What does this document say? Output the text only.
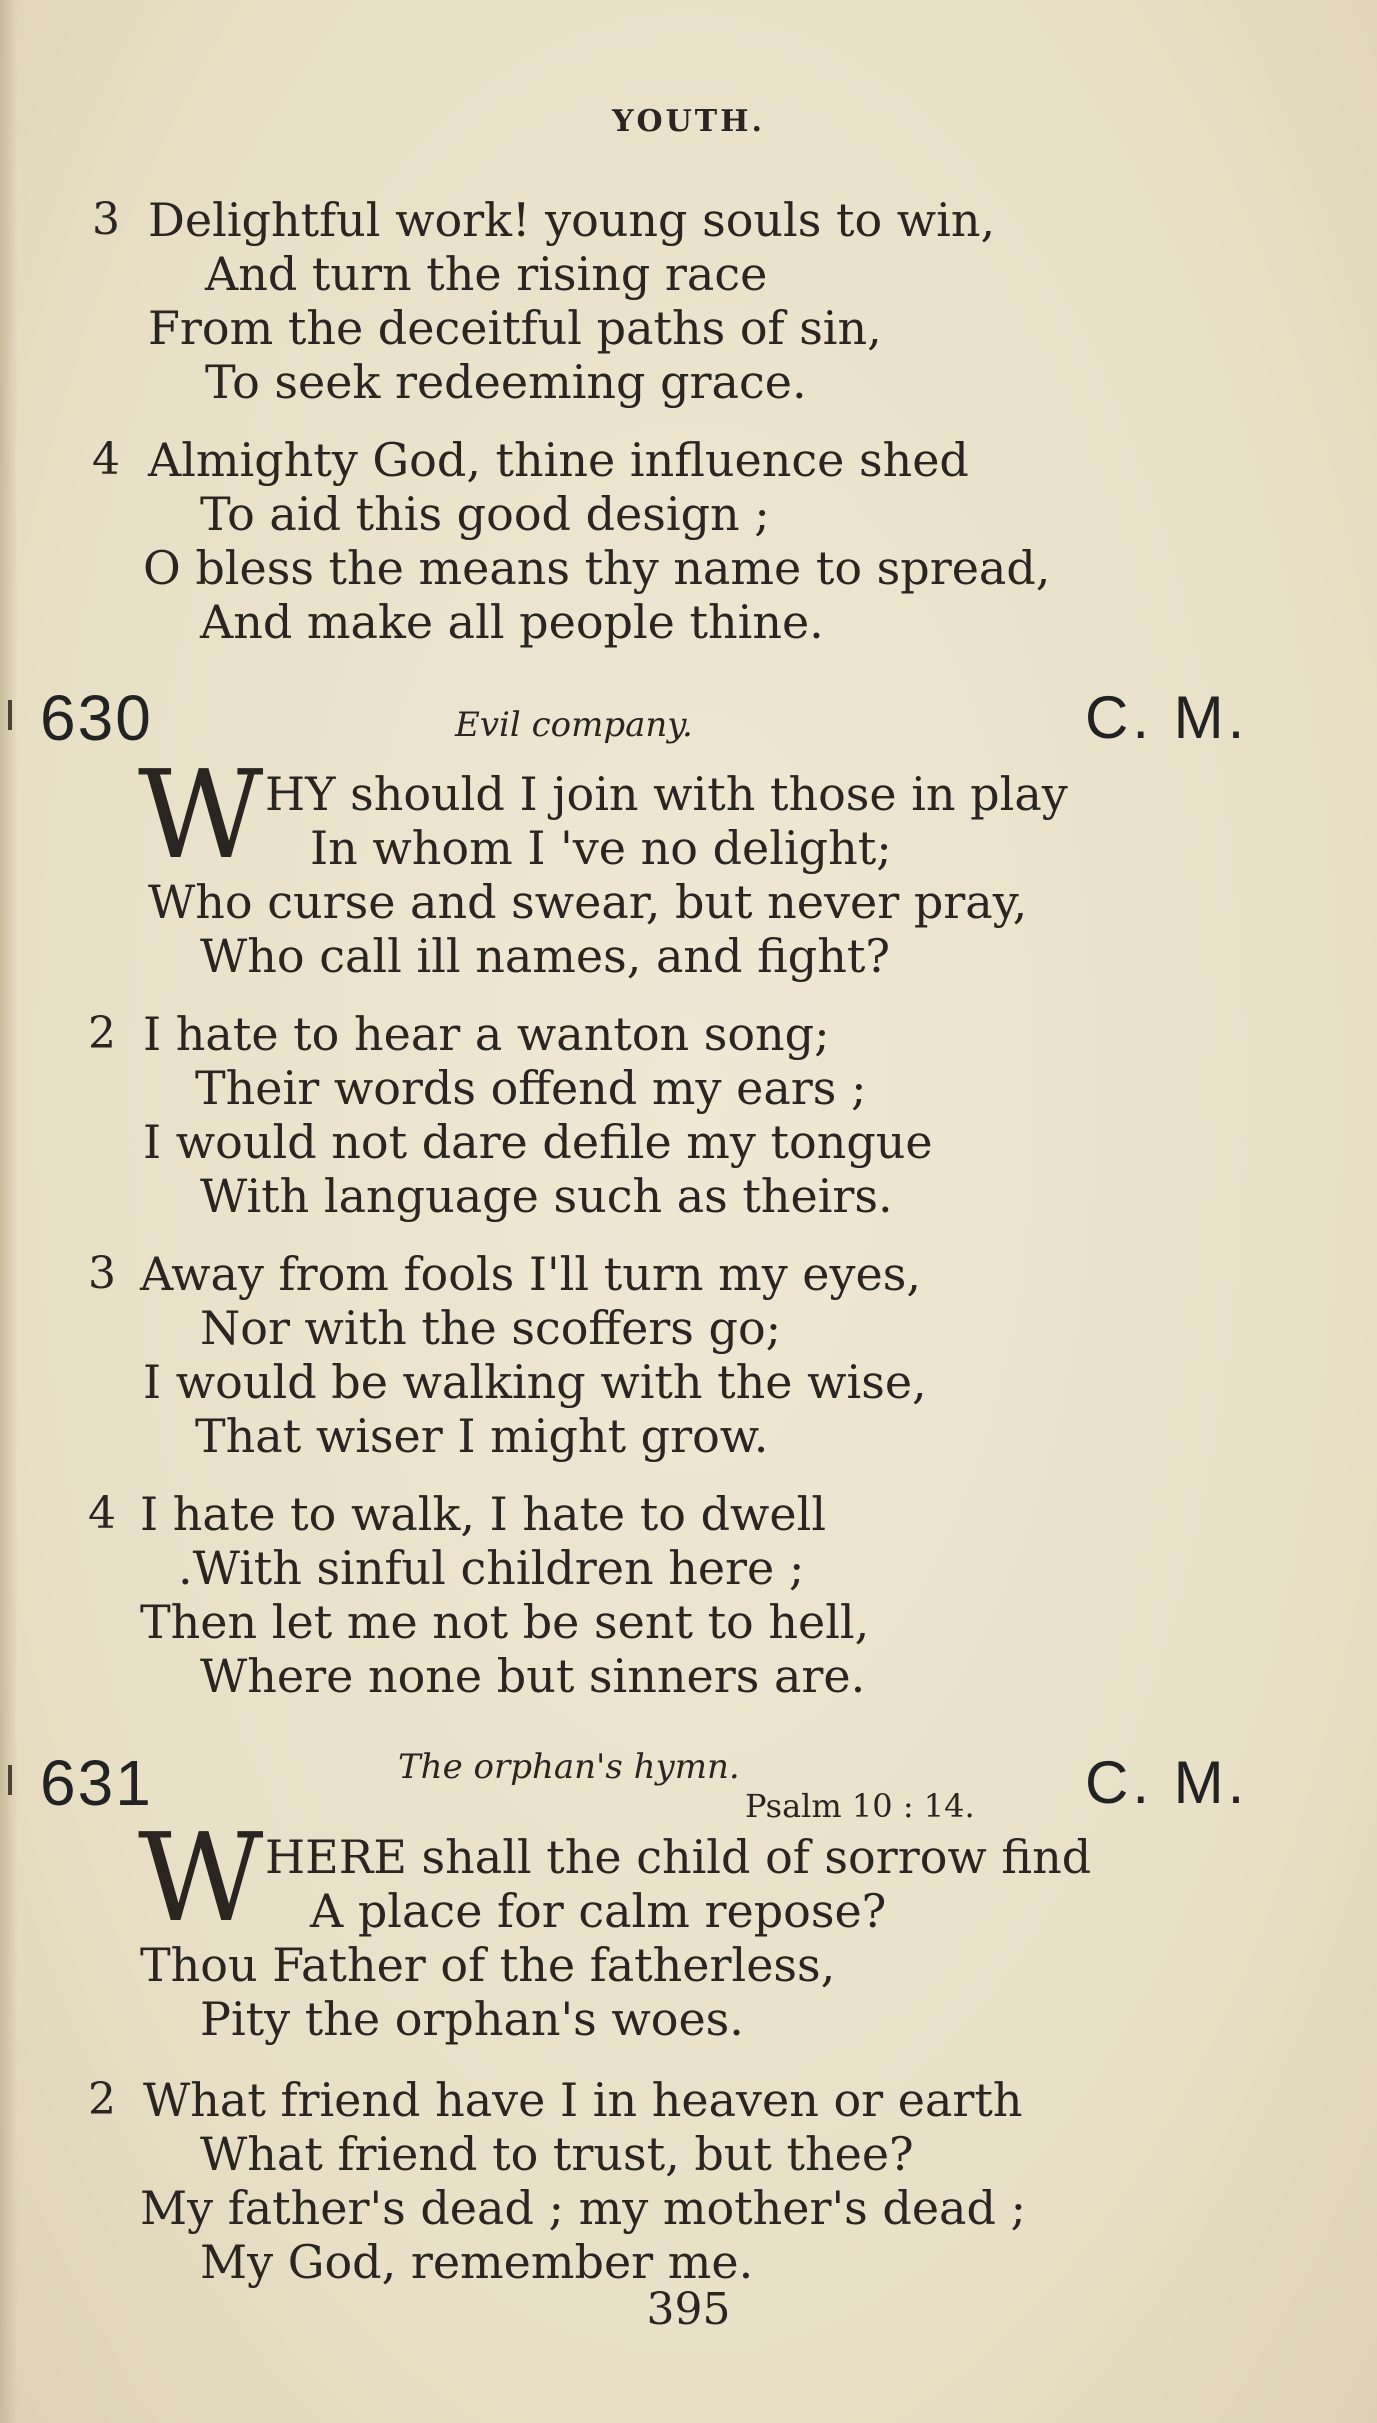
YOUTH.
3 Delightful work! young souls to win,
And turn the rising race
From the deceitful paths of sin,
To seek redeeming grace.
4 Almighty God, thine influence shed
To aid this good design ;
O bless the means thy name to spread,
And make all people thine.
630	Evil company.	C. M.
W HY should I join with those in play
In whom I 've no delight;
Who curse and swear, but never pray,
Who call ill names, and fight?
2 I hate to hear a wanton song;
Their words offend my ears ;
I would not dare defile my tongue
With language such as theirs.
3 Away from fools I'll turn my eyes,
Nor with the scoffers go;
I would be walking with the wise,
That wiser I might grow.
4 I hate to walk, I hate to dwell
.With sinful children here ;
Then let me not be sent to hell,
Where none but sinners are.
631	The orphan's hymn.
Psalm 10 : 14. C. M.
W HERE shall the child of sorrow find
A place for calm repose?
Thou Father of the fatherless,
Pity the orphan's woes.
2 What friend have I in heaven or earth
What friend to trust, but thee?
My father's dead ; my mother's dead ;
My God, remember me.
395
